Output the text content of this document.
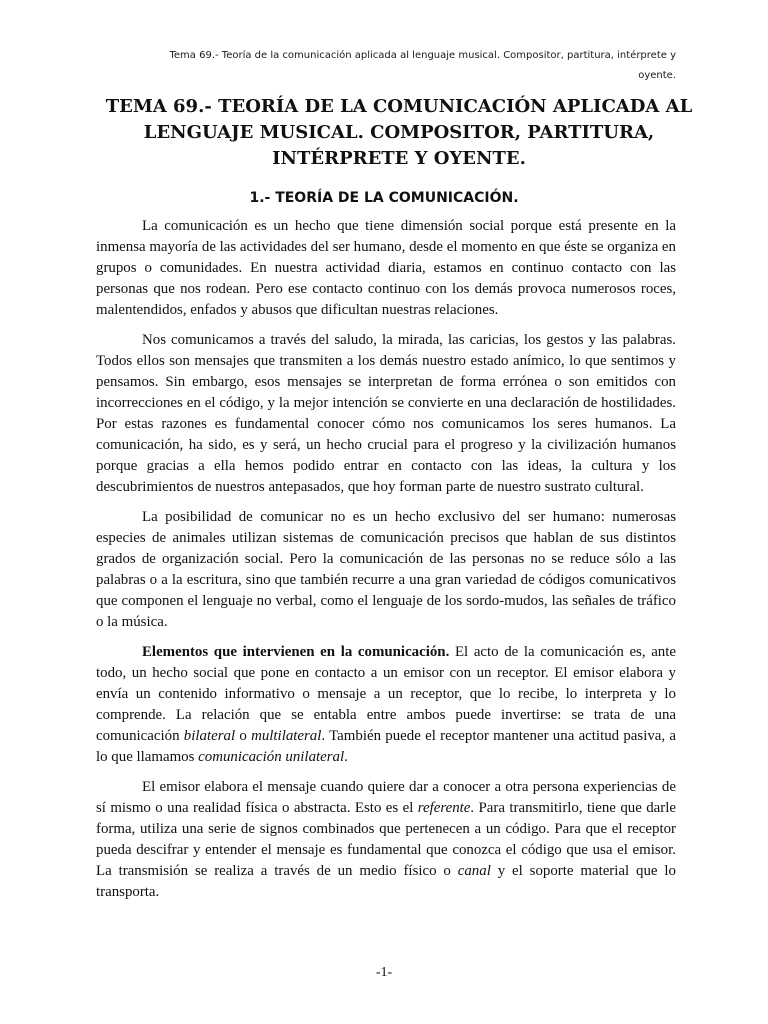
Tema 69.- Teoría de la comunicación aplicada al lenguaje musical. Compositor, partitura, intérprete y oyente.
TEMA 69.- TEORÍA DE LA COMUNICACIÓN APLICADA AL LENGUAJE MUSICAL. COMPOSITOR, PARTITURA, INTÉRPRETE Y OYENTE.
1.- TEORÍA DE LA COMUNICACIÓN.

La comunicación es un hecho que tiene dimensión social porque está presente en la inmensa mayoría de las actividades del ser humano, desde el momento en que éste se organiza en grupos o comunidades. En nuestra actividad diaria, estamos en continuo contacto con las personas que nos rodean. Pero ese contacto continuo con los demás provoca numerosos roces, malentendidos, enfados y abusos que dificultan nuestras relaciones.

Nos comunicamos a través del saludo, la mirada, las caricias, los gestos y las palabras. Todos ellos son mensajes que transmiten a los demás nuestro estado anímico, lo que sentimos y pensamos. Sin embargo, esos mensajes se interpretan de forma errónea o son emitidos con incorrecciones en el código, y la mejor intención se convierte en una declaración de hostilidades. Por estas razones es fundamental conocer cómo nos comunicamos los seres humanos. La comunicación, ha sido, es y será, un hecho crucial para el progreso y la civilización humanos porque gracias a ella hemos podido entrar en contacto con las ideas, la cultura y los descubrimientos de nuestros antepasados, que hoy forman parte de nuestro sustrato cultural.

La posibilidad de comunicar no es un hecho exclusivo del ser humano: numerosas especies de animales utilizan sistemas de comunicación precisos que hablan de sus distintos grados de organización social. Pero la comunicación de las personas no se reduce sólo a las palabras o a la escritura, sino que también recurre a una gran variedad de códigos comunicativos que componen el lenguaje no verbal, como el lenguaje de los sordo-mudos, las señales de tráfico o la música.

Elementos que intervienen en la comunicación. El acto de la comunicación es, ante todo, un hecho social que pone en contacto a un emisor con un receptor. El emisor elabora y envía un contenido informativo o mensaje a un receptor, que lo recibe, lo interpreta y lo comprende. La relación que se entabla entre ambos puede invertirse: se trata de una comunicación bilateral o multilateral. También puede el receptor mantener una actitud pasiva, a lo que llamamos comunicación unilateral.

El emisor elabora el mensaje cuando quiere dar a conocer a otra persona experiencias de sí mismo o una realidad física o abstracta. Esto es el referente. Para transmitirlo, tiene que darle forma, utiliza una serie de signos combinados que pertenecen a un código. Para que el receptor pueda descifrar y entender el mensaje es fundamental que conozca el código que usa el emisor. La transmisión se realiza a través de un medio físico o canal y el soporte material que lo transporta.

-1-
